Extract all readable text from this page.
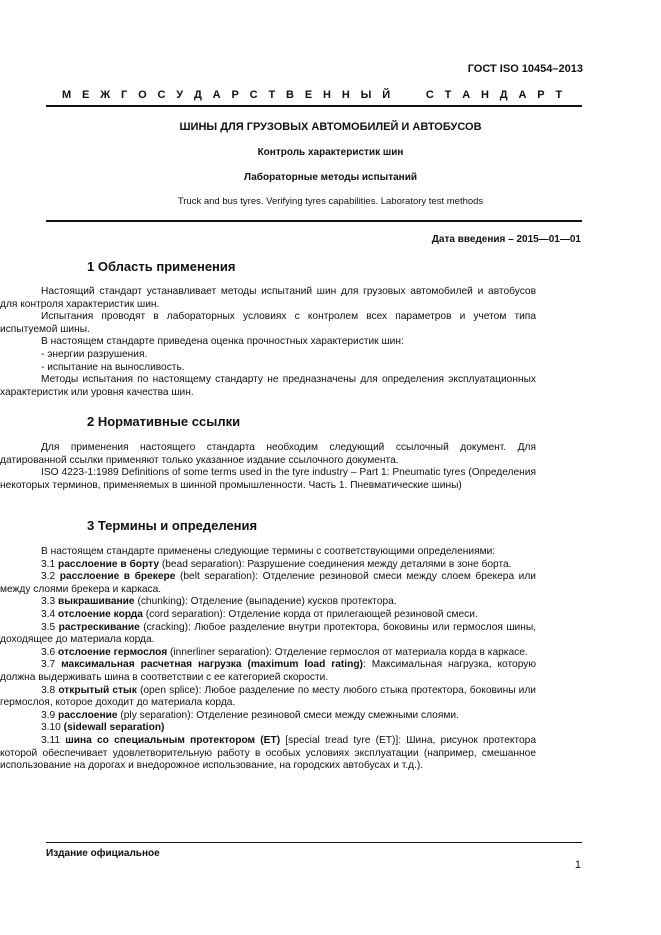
ГОСТ ISO 10454–2013
М Е Ж Г О С У Д А Р С Т В Е Н Н Ы Й	С Т А Н Д А Р Т
ШИНЫ ДЛЯ ГРУЗОВЫХ АВТОМОБИЛЕЙ И АВТОБУСОВ
Контроль характеристик шин
Лабораторные методы испытаний
Truck and bus tyres. Verifying tyres capabilities. Laboratory test methods
Дата введения – 2015—01—01
1 Область применения

Настоящий стандарт устанавливает методы испытаний шин для грузовых автомобилей и автобусов для контроля характеристик шин.

Испытания проводят в лабораторных условиях с контролем всех параметров и учетом типа испытуемой шины.

В настоящем стандарте приведена оценка прочностных характеристик шин:

- энергии разрушения.

- испытание на выносливость.

Методы испытания по настоящему стандарту не предназначены для определения эксплуатационных характеристик или уровня качества шин.

2 Нормативные ссылки

Для применения настоящего стандарта необходим следующий ссылочный документ. Для датированной ссылки применяют только указанное издание ссылочного документа.

ISO 4223-1:1989 Definitions of some terms used in the tyre industry – Part 1: Pneumatic tyres (Определения некоторых терминов, применяемых в шинной промышленности. Часть 1. Пневматические шины)

3 Термины и определения

В настоящем стандарте применены следующие термины с соответствующими определениями:

3.1 расслоение в борту (bead separation): Разрушение соединения между деталями в зоне борта.

3.2 расслоение в брекере (belt separation): Отделение резиновой смеси между слоем брекера или между слоями брекера и каркаса.

3.3 выкрашивание (chunking): Отделение (выпадение) кусков протектора.

3.4 отслоение корда (cord separation): Отделение корда от прилегающей резиновой смеси.

3.5 растрескивание (cracking): Любое разделение внутри протектора, боковины или гермослоя шины, доходящее до материала корда.

3.6 отслоение гермослоя (innerliner separation): Отделение гермослоя от материала корда в каркасе.

3.7 максимальная расчетная нагрузка (maximum load rating): Максимальная нагрузка, которую должна выдерживать шина в соответствии с ее категорией скорости.

3.8 открытый стык (open splice): Любое разделение по месту любого стыка протектора, боковины или гермослоя, которое доходит до материала корда.

3.9 расслоение (ply separation): Отделение резиновой смеси между смежными слоями.

3.10 (sidewall separation)

3.11 шина со специальным протектором (ET) [special tread tyre (ET)]: Шина, рисунок протектора которой обеспечивает удовлетворительную работу в особых условиях эксплуатации (например, смешанное использование на дорогах и внедорожное использование, на городских автобусах и т.д.).

Издание официальное
1
